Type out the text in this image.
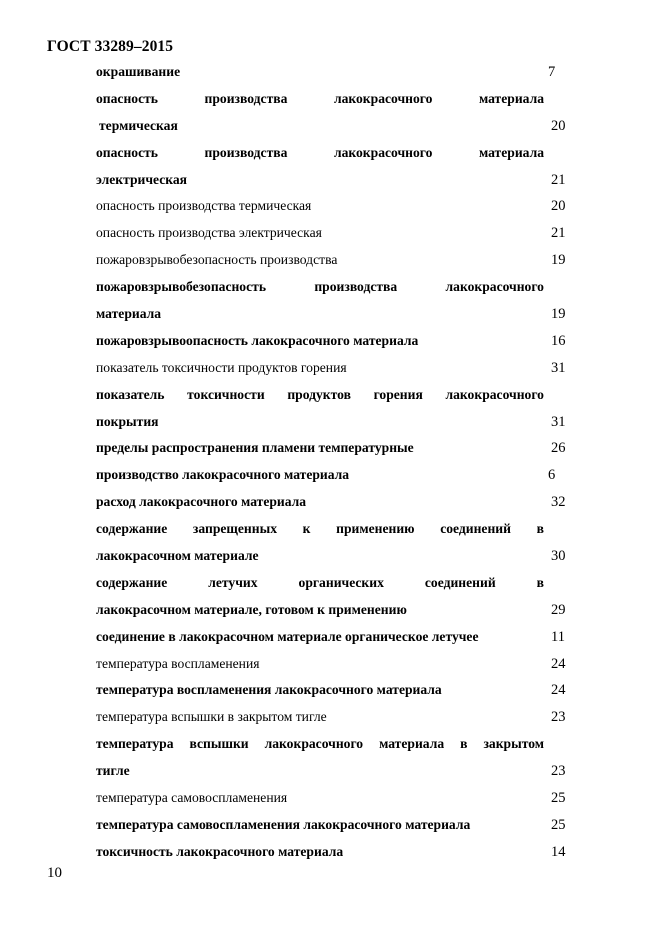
ГОСТ 33289–2015
окрашивание	7
опасность	производства	лакокрасочного	материала
термическая	20
опасность	производства	лакокрасочного	материала
электрическая	21
опасность производства термическая	20
опасность производства электрическая	21
пожаровзрывобезопасность производства	19
пожаровзрывобезопасность	производства	лакокрасочного
материала	19
пожаровзрывоопасность лакокрасочного материала	16
показатель токсичности продуктов горения	31
показатель токсичности продуктов горения лакокрасочного
покрытия	31
пределы распространения пламени температурные	26
производство лакокрасочного материала	6
расход лакокрасочного материала	32
содержание запрещенных к применению соединений в
лакокрасочном материале	30
содержание	летучих	органических	соединений	в
лакокрасочном материале, готовом к применению	29
соединение в лакокрасочном материале органическое летучее	11
температура воспламенения	24
температура воспламенения лакокрасочного материала	24
температура вспышки в закрытом тигле	23
температура вспышки лакокрасочного материала в закрытом
тигле	23
температура самовоспламенения	25
температура самовоспламенения лакокрасочного материала	25
токсичность лакокрасочного материала	14
10
